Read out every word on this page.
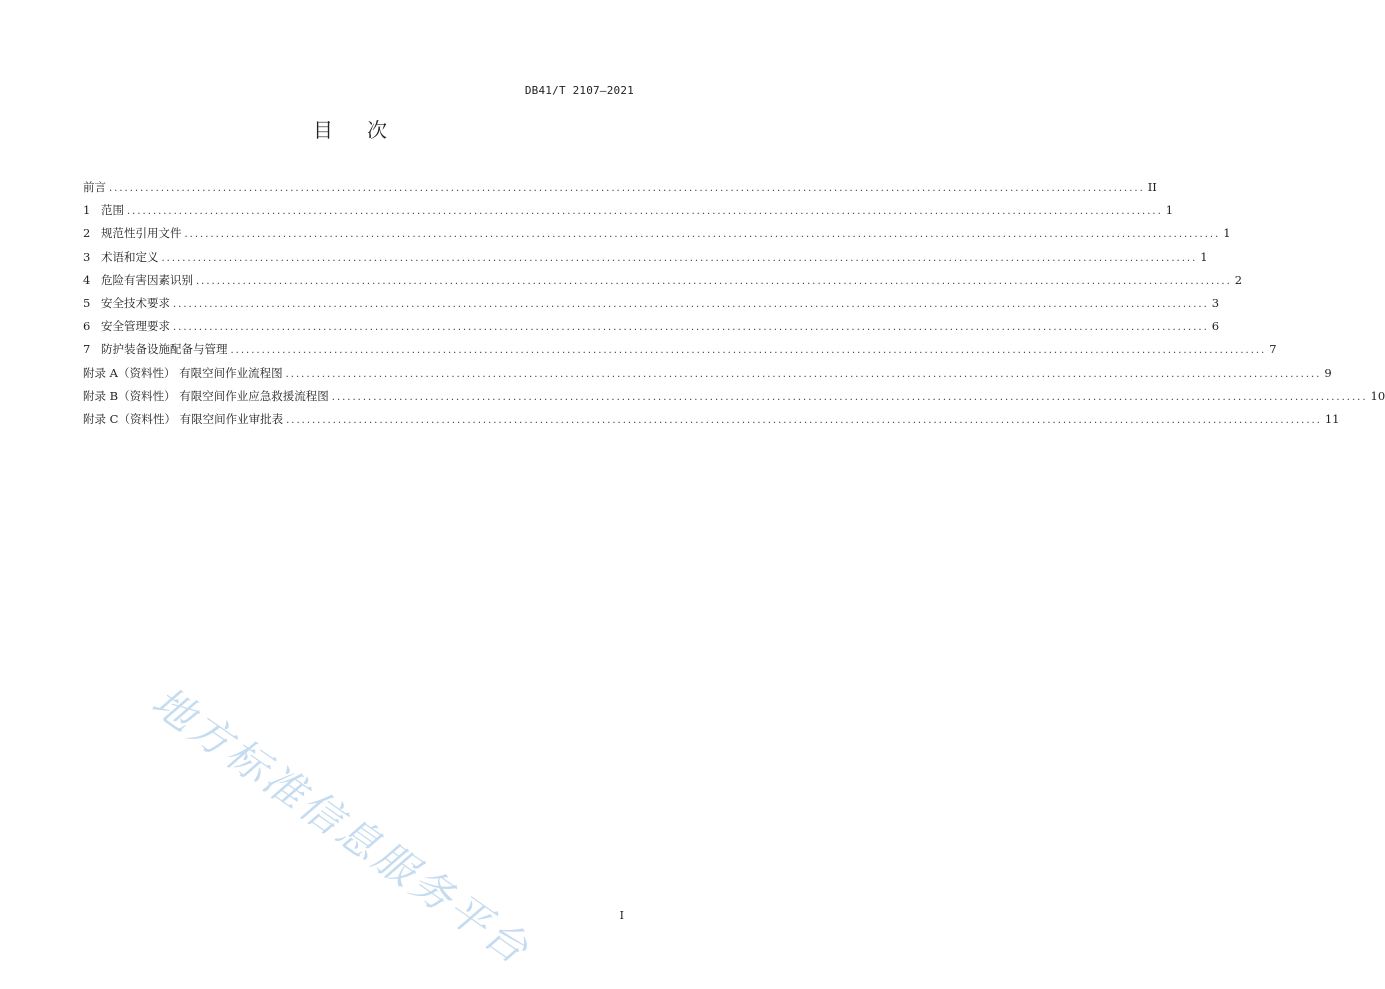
DB41/T 2107—2021
目次
前言 ........................................................................................................................................................................................................ II
1 范围 ........................................................................................................................................................................................................ 1
2 规范性引用文件 ........................................................................................................................................................................................................ 1
3 术语和定义 ........................................................................................................................................................................................................ 1
4 危险有害因素识别 ........................................................................................................................................................................................................ 2
5 安全技术要求 ........................................................................................................................................................................................................ 3
6 安全管理要求 ........................................................................................................................................................................................................ 6
7 防护装备设施配备与管理 ........................................................................................................................................................................................................ 7
附录 A（资料性） 有限空间作业流程图 ........................................................................................................................................................................................................ 9
附录 B（资料性） 有限空间作业应急救援流程图 ........................................................................................................................................................................................................ 10
附录 C（资料性） 有限空间作业审批表 ........................................................................................................................................................................................................ 11
地方标准信息服务平台	I
